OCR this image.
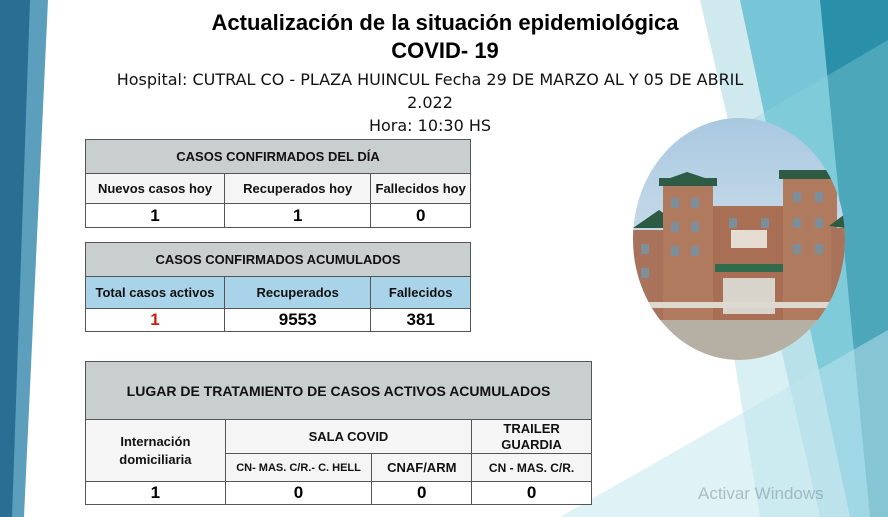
Actualización de la situación epidemiológica
COVID- 19
Hospital: CUTRAL CO - PLAZA HUINCUL Fecha 29 DE MARZO AL Y 05 DE ABRIL 2.022
Hora: 10:30 HS
CASOS CONFIRMADOS DEL DÍA		
Nuevos casos hoy	Recuperados hoy	Fallecidos hoy
1	1	0
CASOS CONFIRMADOS ACUMULADOS		
Total casos activos	Recuperados	Fallecidos
1	9553	381
LUGAR DE TRATAMIENTO DE CASOS ACTIVOS ACUMULADOS			
Internación domiciliaria	SALA COVID		TRAILER GUARDIA
	CN- MAS. C/R.- C. HELL	CNAF/ARM	CN - MAS. C/R.
1	0	0	0	Activar Windows
